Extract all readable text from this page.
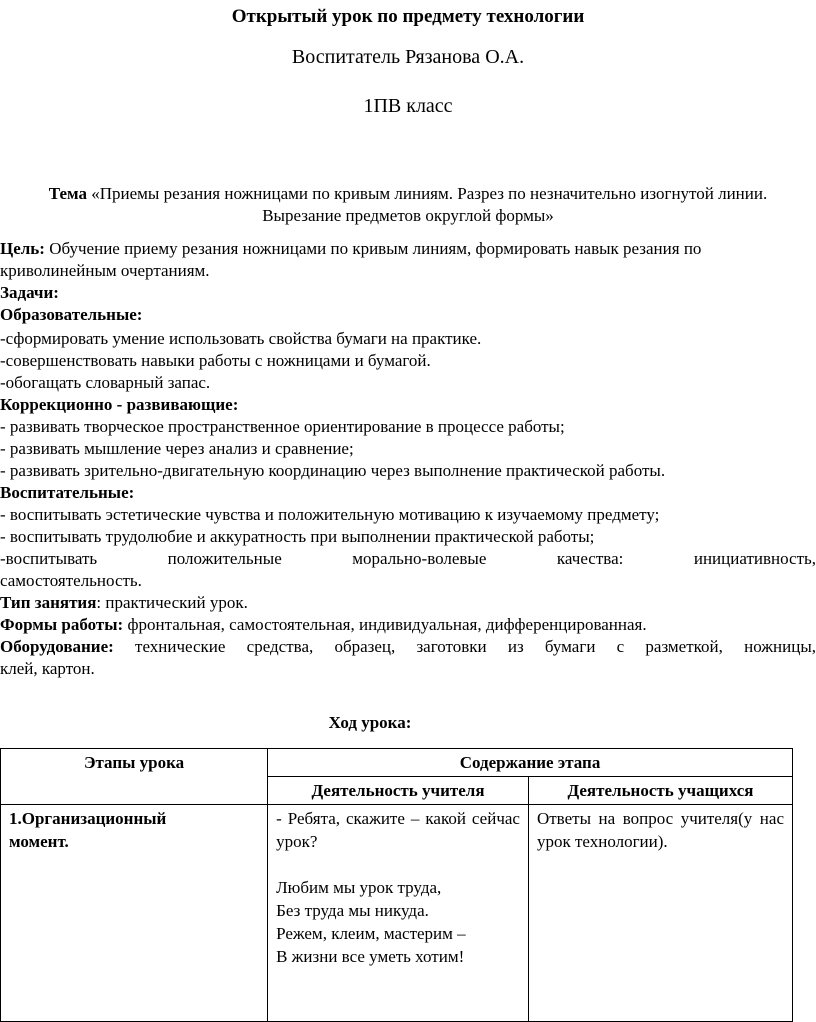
Открытый урок по предмету технологии
Воспитатель Рязанова О.А.
1ПВ класс
Тема «Приемы резания ножницами по кривым линиям. Разрез по незначительно изогнутой линии. Вырезание предметов округлой формы»

Цель: Обучение приему резания ножницами по кривым линиям, формировать навык резания по криволинейным очертаниям.

Задачи:

Образовательные:

-сформировать умение использовать свойства бумаги на практике.

-совершенствовать навыки работы с ножницами и бумагой.

-обогащать словарный запас.

Коррекционно - развивающие:

- развивать творческое пространственное ориентирование в процессе работы;

- развивать мышление через анализ и сравнение;

- развивать зрительно-двигательную координацию через выполнение практической работы.

Воспитательные:

- воспитывать эстетические чувства и положительную мотивацию к изучаемому предмету;

- воспитывать трудолюбие и аккуратность при выполнении практической работы;

-воспитывать положительные морально-волевые качества: инициативность,

самостоятельность.

Тип занятия: практический урок.

Формы работы: фронтальная, самостоятельная, индивидуальная, дифференцированная.

Оборудование: технические средства, образец, заготовки из бумаги с разметкой, ножницы,

клей, картон.

Ход урока:
Этапы урока	Содержание этапа	
	Деятельность учителя	Деятельность учащихся

1.Организационный
момент.	- Ребята, скажите – какой сейчас урок?
Любим мы урок труда,
Без труда мы никуда.
Режем, клеим, мастерим –
В жизни все уметь хотим!	Ответы на вопрос учителя(у нас урок технологии).
